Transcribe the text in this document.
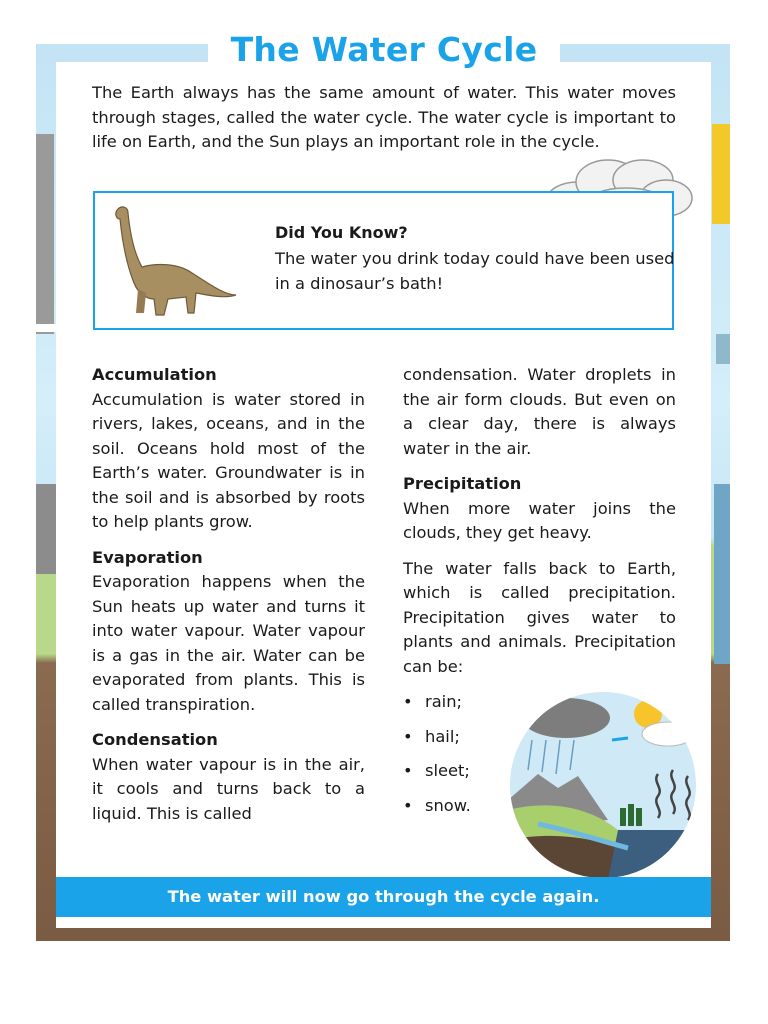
The Water Cycle
The Earth always has the same amount of water. This water moves through stages, called the water cycle. The water cycle is important to life on Earth, and the Sun plays an important role in the cycle.
Did You Know?
The water you drink today could have been used in a dinosaur’s bath!
Accumulation
Accumulation is water stored in rivers, lakes, oceans, and in the soil. Oceans hold most of the Earth’s water. Groundwater is in the soil and is absorbed by roots to help plants grow.
Evaporation
Evaporation happens when the Sun heats up water and turns it into water vapour. Water vapour is a gas in the air. Water can be evaporated from plants. This is called transpiration.
Condensation
When water vapour is in the air, it cools and turns back to a liquid. This is called
condensation. Water droplets in the air form clouds. But even on a clear day, there is always water in the air.
Precipitation
When more water joins the clouds, they get heavy.
The water falls back to Earth, which is called precipitation. Precipitation gives water to plants and animals. Precipitation can be:
• rain;
• hail;
• sleet;
• snow.
The water will now go through the cycle again.
